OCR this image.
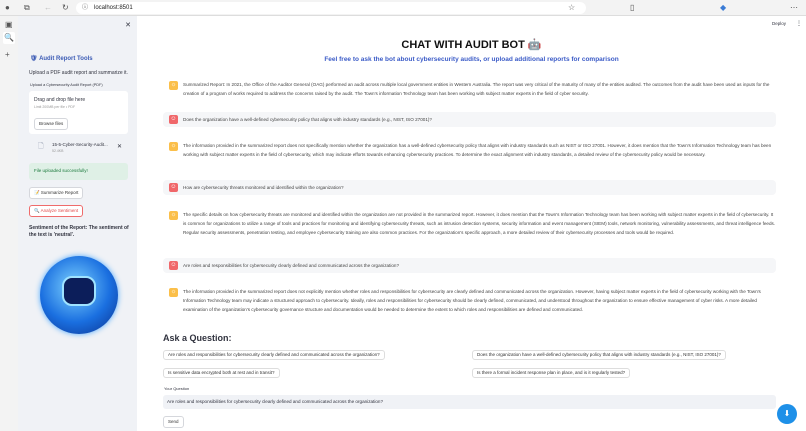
● ⧉ ← ↻ ⓘ localhost:8501	☆	▯	◆	⋯
▣
🔍
+
✕
🛡 Audit Report Tools
Upload a PDF audit report and summarize it.
Upload a Cybersecurity Audit Report (PDF)
Drag and drop file here
Limit 200MB per file • PDF
Browse files
🗋 15-5-Cyber-Security-Audit...
52.4KB
✕
File uploaded successfully!
📝 Summarize Report
🔍 Analyze Sentiment
Sentiment of the Report: The sentiment of the text is 'neutral'.
Deploy ⋮
CHAT WITH AUDIT BOT 🤖
Feel free to ask the bot about cybersecurity audits, or upload additional reports for comparison
☼	Summarized Report: In 2021, the Office of the Auditor General (OAG) performed an audit across multiple local government entities in Western Australia. The report was very critical of the maturity of many of the entities audited. The outcomes from the audit have been used as inputs for the creation of a program of works required to address the concerns raised by the audit. The Town's information Technology team has been working with subject matter experts in the field of cyber security.
☺	Does the organization have a well-defined cybersecurity policy that aligns with industry standards (e.g., NIST, ISO 27001)?
☼	The information provided in the summarized report does not specifically mention whether the organization has a well-defined cybersecurity policy that aligns with industry standards such as NIST or ISO 27001. However, it does mention that the Town's Information Technology team has been working with subject matter experts in the field of cybersecurity, which may indicate efforts towards enhancing cybersecurity practices. To determine the exact alignment with industry standards, a detailed review of the cybersecurity policy would be necessary.
☺	How are cybersecurity threats monitored and identified within the organization?
☼	The specific details on how cybersecurity threats are monitored and identified within the organization are not provided in the summarized report. However, it does mention that the Town's Information Technology team has been working with subject matter experts in the field of cybersecurity. It is common for organizations to utilize a range of tools and practices for monitoring and identifying cybersecurity threats, such as intrusion detection systems, security information and event management (SIEM) tools, network monitoring, vulnerability assessments, and threat intelligence feeds. Regular security assessments, penetration testing, and employee cybersecurity training are also common practices. For the organization's specific approach, a more detailed review of their cybersecurity processes and tools would be required.
☺	Are roles and responsibilities for cybersecurity clearly defined and communicated across the organization?
☼	The information provided in the summarized report does not explicitly mention whether roles and responsibilities for cybersecurity are clearly defined and communicated across the organization. However, having subject matter experts in the field of cybersecurity working with the Town's Information Technology team may indicate a structured approach to cybersecurity. Ideally, roles and responsibilities for cybersecurity should be clearly defined, communicated, and understood throughout the organization to ensure effective management of cyber risks. A more detailed examination of the organization's cybersecurity governance structure and documentation would be needed to determine the extent to which roles and responsibilities are defined and communicated.
Ask a Question:
Are roles and responsibilities for cybersecurity clearly defined and communicated across the organization?	Does the organization have a well-defined cybersecurity policy that aligns with industry standards (e.g., NIST, ISO 27001)?
Is sensitive data encrypted both at rest and in transit?	Is there a formal incident response plan in place, and is it regularly tested?
Your Question
Are roles and responsibilities for cybersecurity clearly defined and communicated across the organization?
Send
⬇
